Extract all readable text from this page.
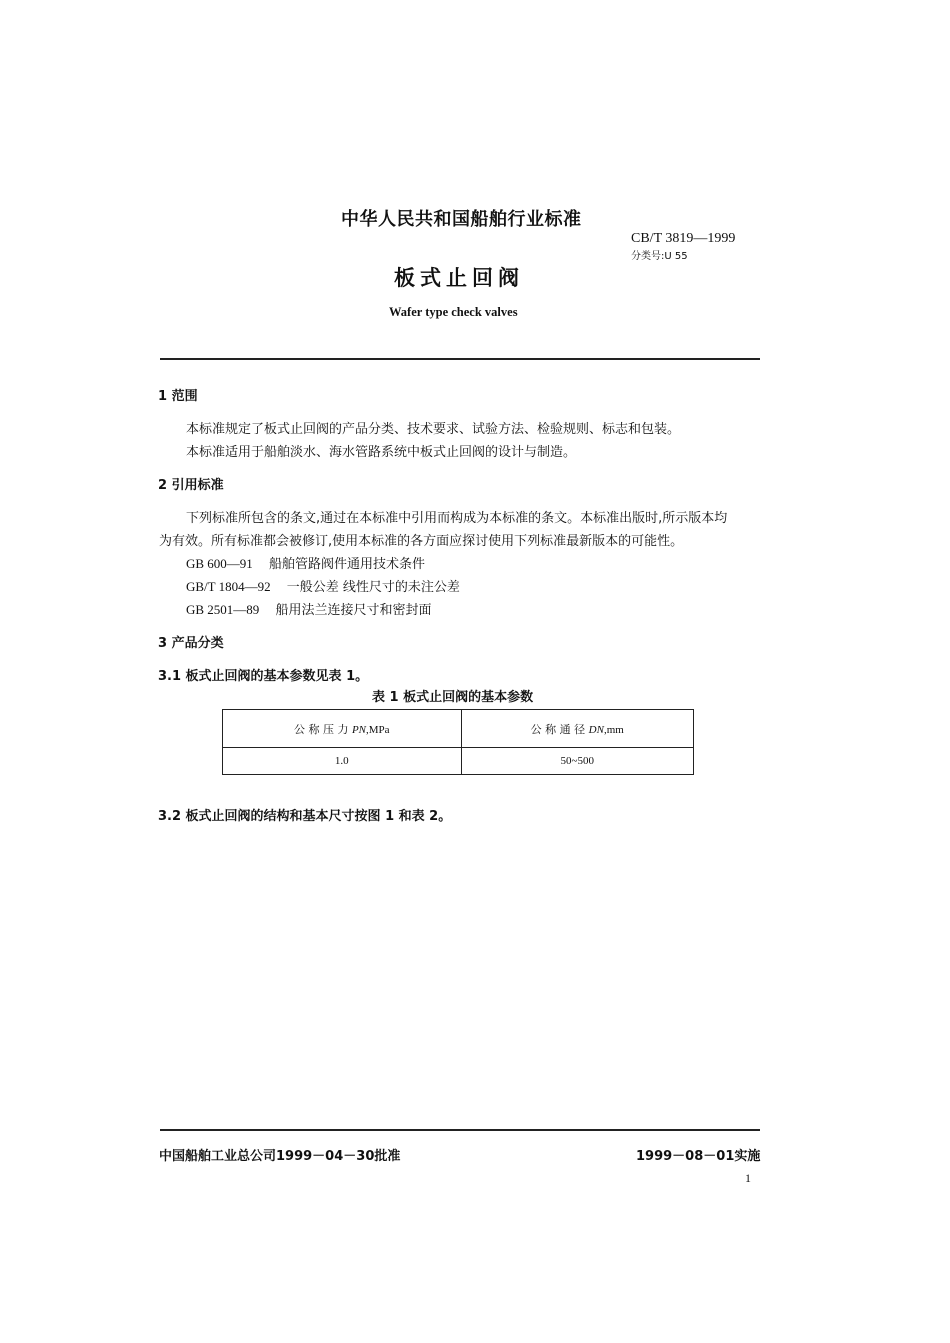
中华人民共和国船舶行业标准
CB/T 3819—1999
分类号:U 55
板式止回阀
Wafer type check valves
1 范围
本标准规定了板式止回阀的产品分类、技术要求、试验方法、检验规则、标志和包装。
本标准适用于船舶淡水、海水管路系统中板式止回阀的设计与制造。
2 引用标准
下列标准所包含的条文,通过在本标准中引用而构成为本标准的条文。本标准出版时,所示版本均
为有效。所有标准都会被修订,使用本标准的各方面应探讨使用下列标准最新版本的可能性。
GB 600—91 船舶管路阀件通用技术条件
GB/T 1804—92 一般公差 线性尺寸的未注公差
GB 2501—89 船用法兰连接尺寸和密封面
3 产品分类
3.1 板式止回阀的基本参数见表 1。
表 1 板式止回阀的基本参数
公 称 压 力 PN,MPa	公 称 通 径 DN,mm
1.0	50~500
3.2 板式止回阀的结构和基本尺寸按图 1 和表 2。
中国船舶工业总公司1999－04－30批准	1999－08－01实施
1
